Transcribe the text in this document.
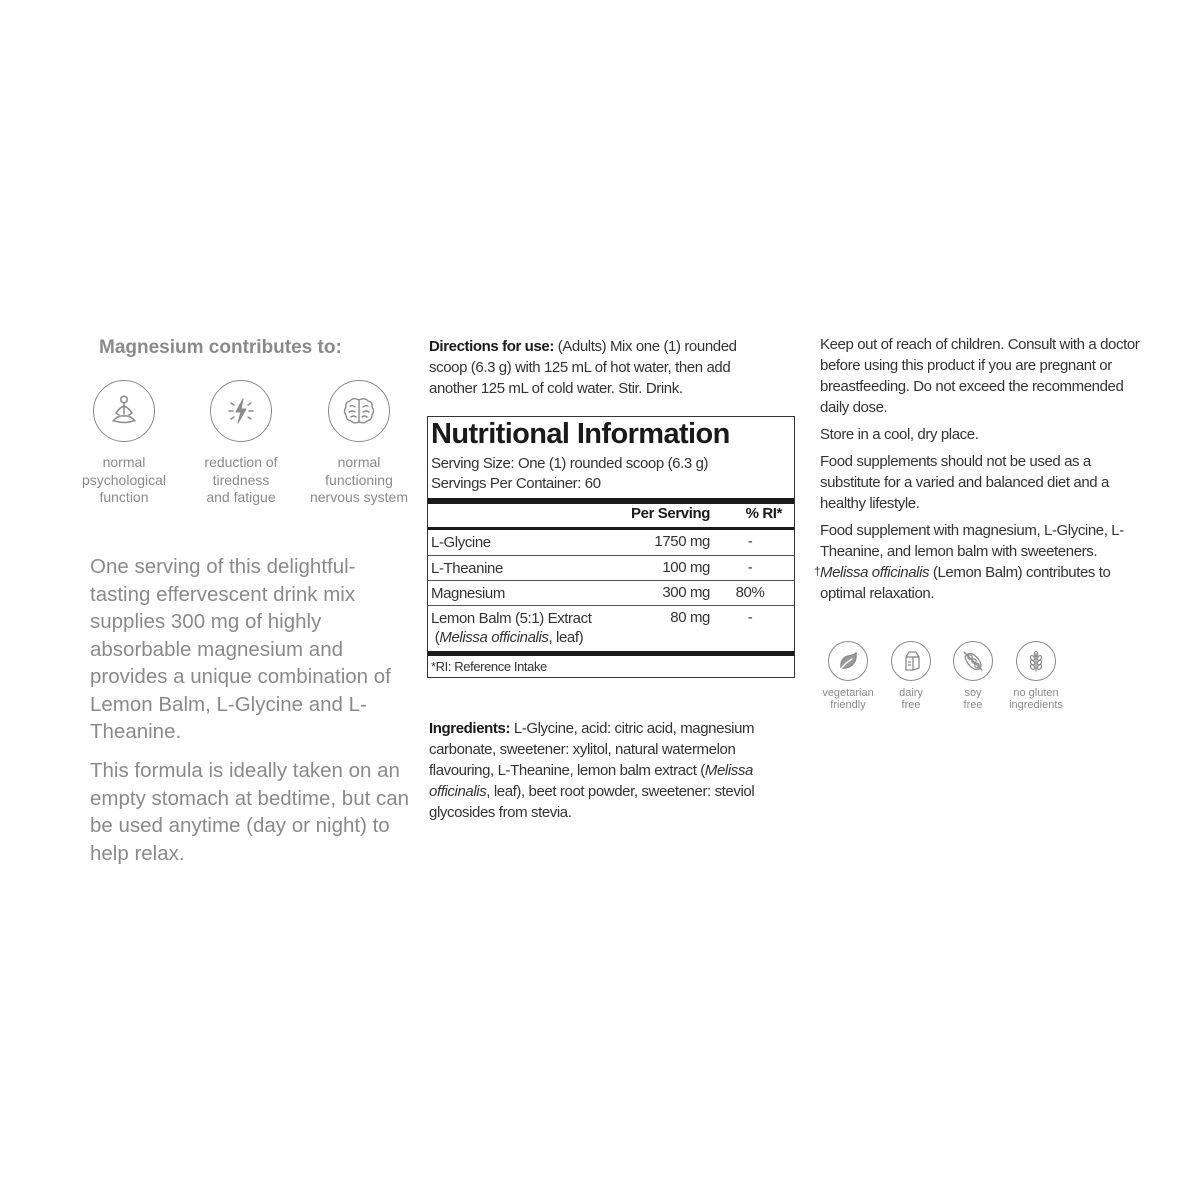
Magnesium contributes to:
normal
psychological
function
reduction of
tiredness
and fatigue
normal
functioning
nervous system

One serving of this delightful-tasting effervescent drink mix supplies 300 mg of highly absorbable magnesium and provides a unique combination of Lemon Balm, L-Glycine and L-Theanine.

This formula is ideally taken on an empty stomach at bedtime, but can be used anytime (day or night) to help relax.

Directions for use: (Adults) Mix one (1) rounded scoop (6.3 g) with 125 mL of hot water, then add another 125 mL of cold water. Stir. Drink.

Nutritional Information
Serving Size: One (1) rounded scoop (6.3 g)
Servings Per Container: 60
Per Serving % RI*
L-Glycine	1750 mg	-
L-Theanine	100 mg	-
Magnesium	300 mg	80%
Lemon Balm (5:1) Extract
(Melissa officinalis, leaf)
80 mg	-
*RI: Reference Intake

Ingredients: L-Glycine, acid: citric acid, magnesium carbonate, sweetener: xylitol, natural watermelon flavouring, L-Theanine, lemon balm extract (Melissa officinalis, leaf), beet root powder, sweetener: steviol glycosides from stevia.

Keep out of reach of children. Consult with a doctor before using this product if you are pregnant or breastfeeding. Do not exceed the recommended daily dose.

Store in a cool, dry place.

Food supplements should not be used as a substitute for a varied and balanced diet and a healthy lifestyle.

Food supplement with magnesium, L-Glycine, L-Theanine, and lemon balm with sweeteners.

† Melissa officinalis (Lemon Balm) contributes to optimal relaxation.

vegetarian
friendly
dairy
free
soy
free
no gluten
ingredients
